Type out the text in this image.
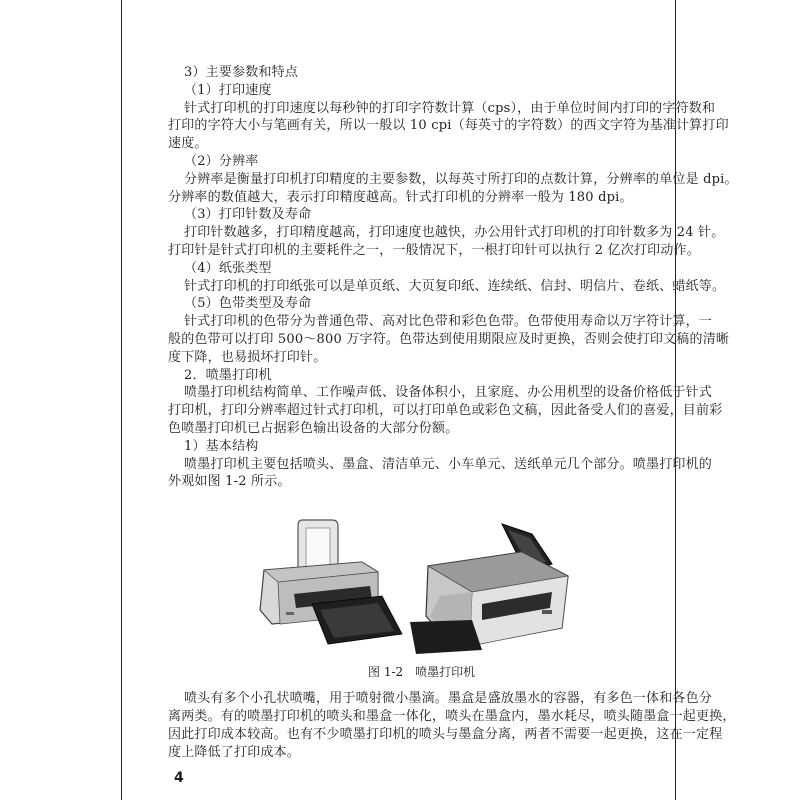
3）主要参数和特点
（1）打印速度
针式打印机的打印速度以每秒钟的打印字符数计算（cps），由于单位时间内打印的字符数和
打印的字符大小与笔画有关，所以一般以 10 cpi（每英寸的字符数）的西文字符为基准计算打印
速度。
（2）分辨率
分辨率是衡量打印机打印精度的主要参数，以每英寸所打印的点数计算，分辨率的单位是 dpi。
分辨率的数值越大，表示打印精度越高。针式打印机的分辨率一般为 180 dpi。
（3）打印针数及寿命
打印针数越多，打印精度越高，打印速度也越快，办公用针式打印机的打印针数多为 24 针。
打印针是针式打印机的主要耗件之一，一般情况下，一根打印针可以执行 2 亿次打印动作。
（4）纸张类型
针式打印机的打印纸张可以是单页纸、大页复印纸、连续纸、信封、明信片、卷纸、蜡纸等。
（5）色带类型及寿命
针式打印机的色带分为普通色带、高对比色带和彩色色带。色带使用寿命以万字符计算，一
般的色带可以打印 500～800 万字符。色带达到使用期限应及时更换，否则会使打印文稿的清晰
度下降，也易损坏打印针。
2．喷墨打印机
喷墨打印机结构简单、工作噪声低、设备体积小，且家庭、办公用机型的设备价格低于针式
打印机，打印分辨率超过针式打印机，可以打印单色或彩色文稿，因此备受人们的喜爱，目前彩
色喷墨打印机已占据彩色输出设备的大部分份额。
1）基本结构
喷墨打印机主要包括喷头、墨盒、清洁单元、小车单元、送纸单元几个部分。喷墨打印机的
外观如图 1-2 所示。
图 1-2　喷墨打印机
喷头有多个小孔状喷嘴，用于喷射微小墨滴。墨盒是盛放墨水的容器，有多色一体和各色分
离两类。有的喷墨打印机的喷头和墨盒一体化，喷头在墨盒内，墨水耗尽，喷头随墨盒一起更换，
因此打印成本较高。也有不少喷墨打印机的喷头与墨盒分离，两者不需要一起更换，这在一定程
度上降低了打印成本。
4
